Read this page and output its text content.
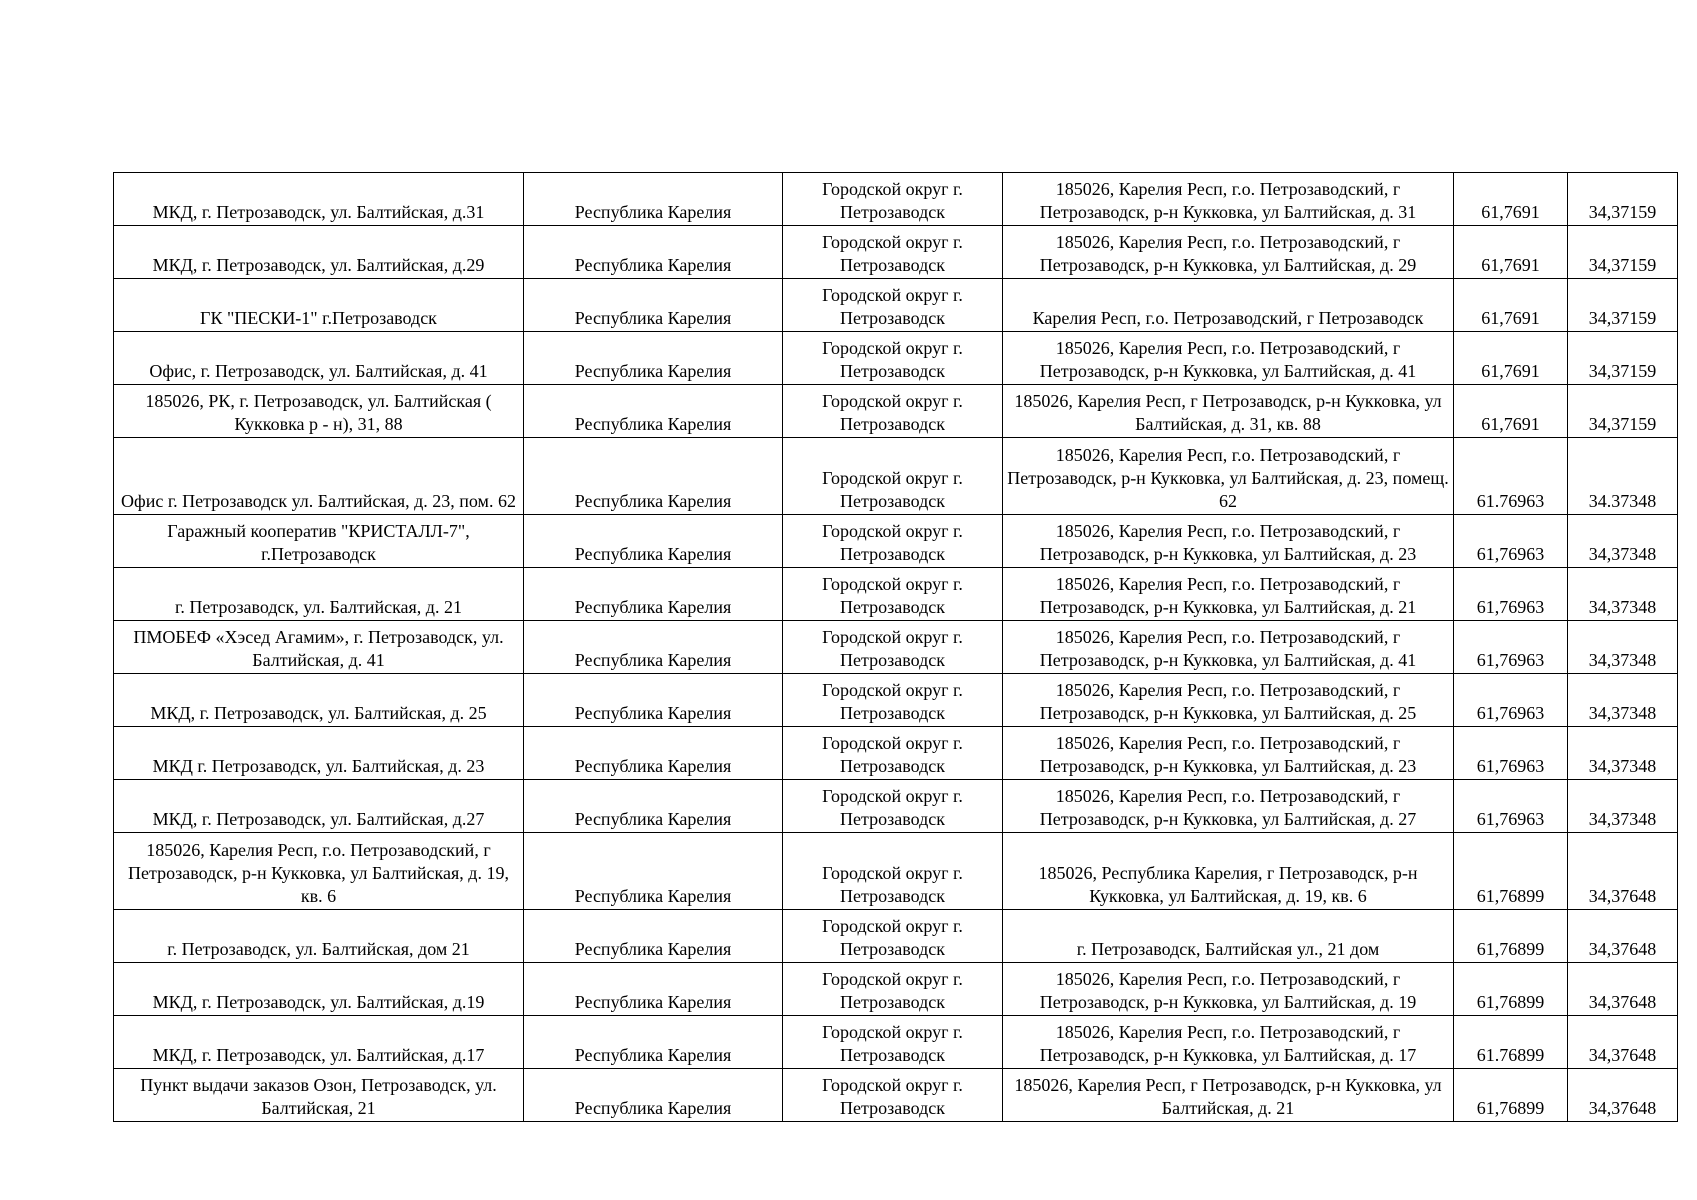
МКД, г. Петрозаводск, ул. Балтийская, д.31	Республика Карелия	Городской округ г. Петрозаводск	185026, Карелия Респ, г.о. Петрозаводский, г Петрозаводск, р-н Кукковка, ул Балтийская, д. 31	61,7691	34,37159
МКД, г. Петрозаводск, ул. Балтийская, д.29	Республика Карелия	Городской округ г. Петрозаводск	185026, Карелия Респ, г.о. Петрозаводский, г Петрозаводск, р-н Кукковка, ул Балтийская, д. 29	61,7691	34,37159
ГК "ПЕСКИ-1" г.Петрозаводск	Республика Карелия	Городской округ г. Петрозаводск	Карелия Респ, г.о. Петрозаводский, г Петрозаводск	61,7691	34,37159
Офис, г. Петрозаводск, ул. Балтийская, д. 41	Республика Карелия	Городской округ г. Петрозаводск	185026, Карелия Респ, г.о. Петрозаводский, г Петрозаводск, р-н Кукковка, ул Балтийская, д. 41	61,7691	34,37159
185026, РК, г. Петрозаводск, ул. Балтийская ( Кукковка р - н), 31, 88	Республика Карелия	Городской округ г. Петрозаводск	185026, Карелия Респ, г Петрозаводск, р-н Кукковка, ул Балтийская, д. 31, кв. 88	61,7691	34,37159
Офис г. Петрозаводск ул. Балтийская, д. 23, пом. 62	Республика Карелия	Городской округ г. Петрозаводск	185026, Карелия Респ, г.о. Петрозаводский, г Петрозаводск, р-н Кукковка, ул Балтийская, д. 23, помещ. 62	61.76963	34.37348
Гаражный кооператив "КРИСТАЛЛ-7", г.Петрозаводск	Республика Карелия	Городской округ г. Петрозаводск	185026, Карелия Респ, г.о. Петрозаводский, г Петрозаводск, р-н Кукковка, ул Балтийская, д. 23	61,76963	34,37348
г. Петрозаводск, ул. Балтийская, д. 21	Республика Карелия	Городской округ г. Петрозаводск	185026, Карелия Респ, г.о. Петрозаводский, г Петрозаводск, р-н Кукковка, ул Балтийская, д. 21	61,76963	34,37348
ПМОБЕФ «Хэсед Агамим», г. Петрозаводск, ул. Балтийская, д. 41	Республика Карелия	Городской округ г. Петрозаводск	185026, Карелия Респ, г.о. Петрозаводский, г Петрозаводск, р-н Кукковка, ул Балтийская, д. 41	61,76963	34,37348
МКД, г. Петрозаводск, ул. Балтийская, д. 25	Республика Карелия	Городской округ г. Петрозаводск	185026, Карелия Респ, г.о. Петрозаводский, г Петрозаводск, р-н Кукковка, ул Балтийская, д. 25	61,76963	34,37348
МКД г. Петрозаводск, ул. Балтийская, д. 23	Республика Карелия	Городской округ г. Петрозаводск	185026, Карелия Респ, г.о. Петрозаводский, г Петрозаводск, р-н Кукковка, ул Балтийская, д. 23	61,76963	34,37348
МКД, г. Петрозаводск, ул. Балтийская, д.27	Республика Карелия	Городской округ г. Петрозаводск	185026, Карелия Респ, г.о. Петрозаводский, г Петрозаводск, р-н Кукковка, ул Балтийская, д. 27	61,76963	34,37348
185026, Карелия Респ, г.о. Петрозаводский, г Петрозаводск, р-н Кукковка, ул Балтийская, д. 19, кв. 6	Республика Карелия	Городской округ г. Петрозаводск	185026, Республика Карелия, г Петрозаводск, р-н Кукковка, ул Балтийская, д. 19, кв. 6	61,76899	34,37648
г. Петрозаводск, ул. Балтийская, дом 21	Республика Карелия	Городской округ г. Петрозаводск	г. Петрозаводск, Балтийская ул., 21 дом	61,76899	34,37648
МКД, г. Петрозаводск, ул. Балтийская, д.19	Республика Карелия	Городской округ г. Петрозаводск	185026, Карелия Респ, г.о. Петрозаводский, г Петрозаводск, р-н Кукковка, ул Балтийская, д. 19	61,76899	34,37648
МКД, г. Петрозаводск, ул. Балтийская, д.17	Республика Карелия	Городской округ г. Петрозаводск	185026, Карелия Респ, г.о. Петрозаводский, г Петрозаводск, р-н Кукковка, ул Балтийская, д. 17	61.76899	34,37648
Пункт выдачи заказов Озон, Петрозаводск, ул. Балтийская, 21	Республика Карелия	Городской округ г. Петрозаводск	185026, Карелия Респ, г Петрозаводск, р-н Кукковка, ул Балтийская, д. 21	61,76899	34,37648
